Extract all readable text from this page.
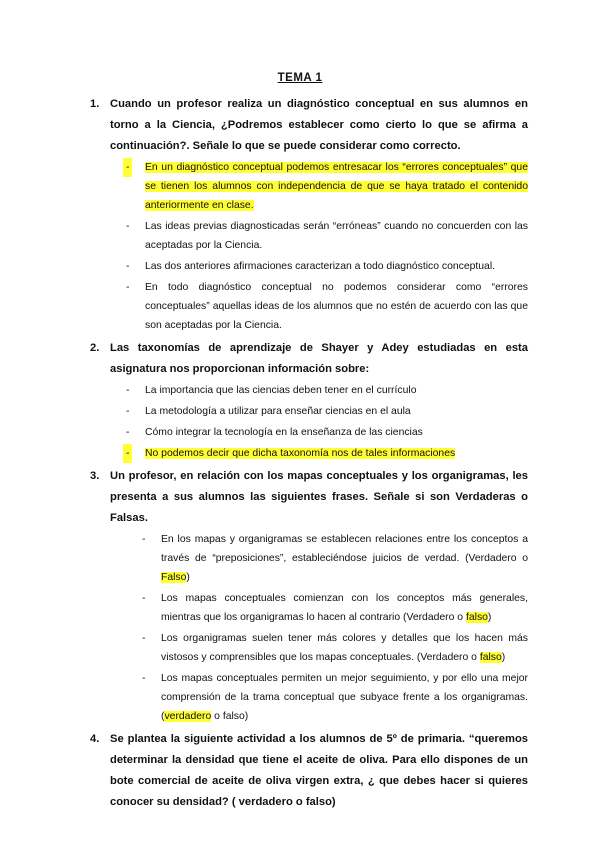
TEMA 1
1. Cuando un profesor realiza un diagnóstico conceptual en sus alumnos en torno a la Ciencia, ¿Podremos establecer como cierto lo que se afirma a continuación?. Señale lo que se puede considerar como correcto.
- En un diagnóstico conceptual podemos entresacar los “errores conceptuales” que se tienen los alumnos con independencia de que se haya tratado el contenido anteriormente en clase.
- Las ideas previas diagnosticadas serán “erróneas” cuando no concuerden con las aceptadas por la Ciencia.
- Las dos anteriores afirmaciones caracterizan a todo diagnóstico conceptual.
- En todo diagnóstico conceptual no podemos considerar como “errores conceptuales” aquellas ideas de los alumnos que no estén de acuerdo con las que son aceptadas por la Ciencia.
2. Las taxonomías de aprendizaje de Shayer y Adey estudiadas en esta asignatura nos proporcionan información sobre:
- La importancia que las ciencias deben tener en el currículo
- La metodología a utilizar para enseñar ciencias en el aula
- Cómo integrar la tecnología en la enseñanza de las ciencias
- No podemos decir que dicha taxonomía nos de tales informaciones
3. Un profesor, en relación con los mapas conceptuales y los organigramas, les presenta a sus alumnos las siguientes frases. Señale si son Verdaderas o Falsas.
- En los mapas y organigramas se establecen relaciones entre los conceptos a través de “preposiciones”, estableciéndose juicios de verdad. (Verdadero o Falso)
- Los mapas conceptuales comienzan con los conceptos más generales, mientras que los organigramas lo hacen al contrario (Verdadero o falso)
- Los organigramas suelen tener más colores y detalles que los hacen más vistosos y comprensibles que los mapas conceptuales. (Verdadero o falso)
- Los mapas conceptuales permiten un mejor seguimiento, y por ello una mejor comprensión de la trama conceptual que subyace frente a los organigramas. (verdadero o falso)
4. Se plantea la siguiente actividad a los alumnos de 5º de primaria. “queremos determinar la densidad que tiene el aceite de oliva. Para ello dispones de un bote comercial de aceite de oliva virgen extra, ¿ que debes hacer si quieres conocer su densidad? ( verdadero o falso)
